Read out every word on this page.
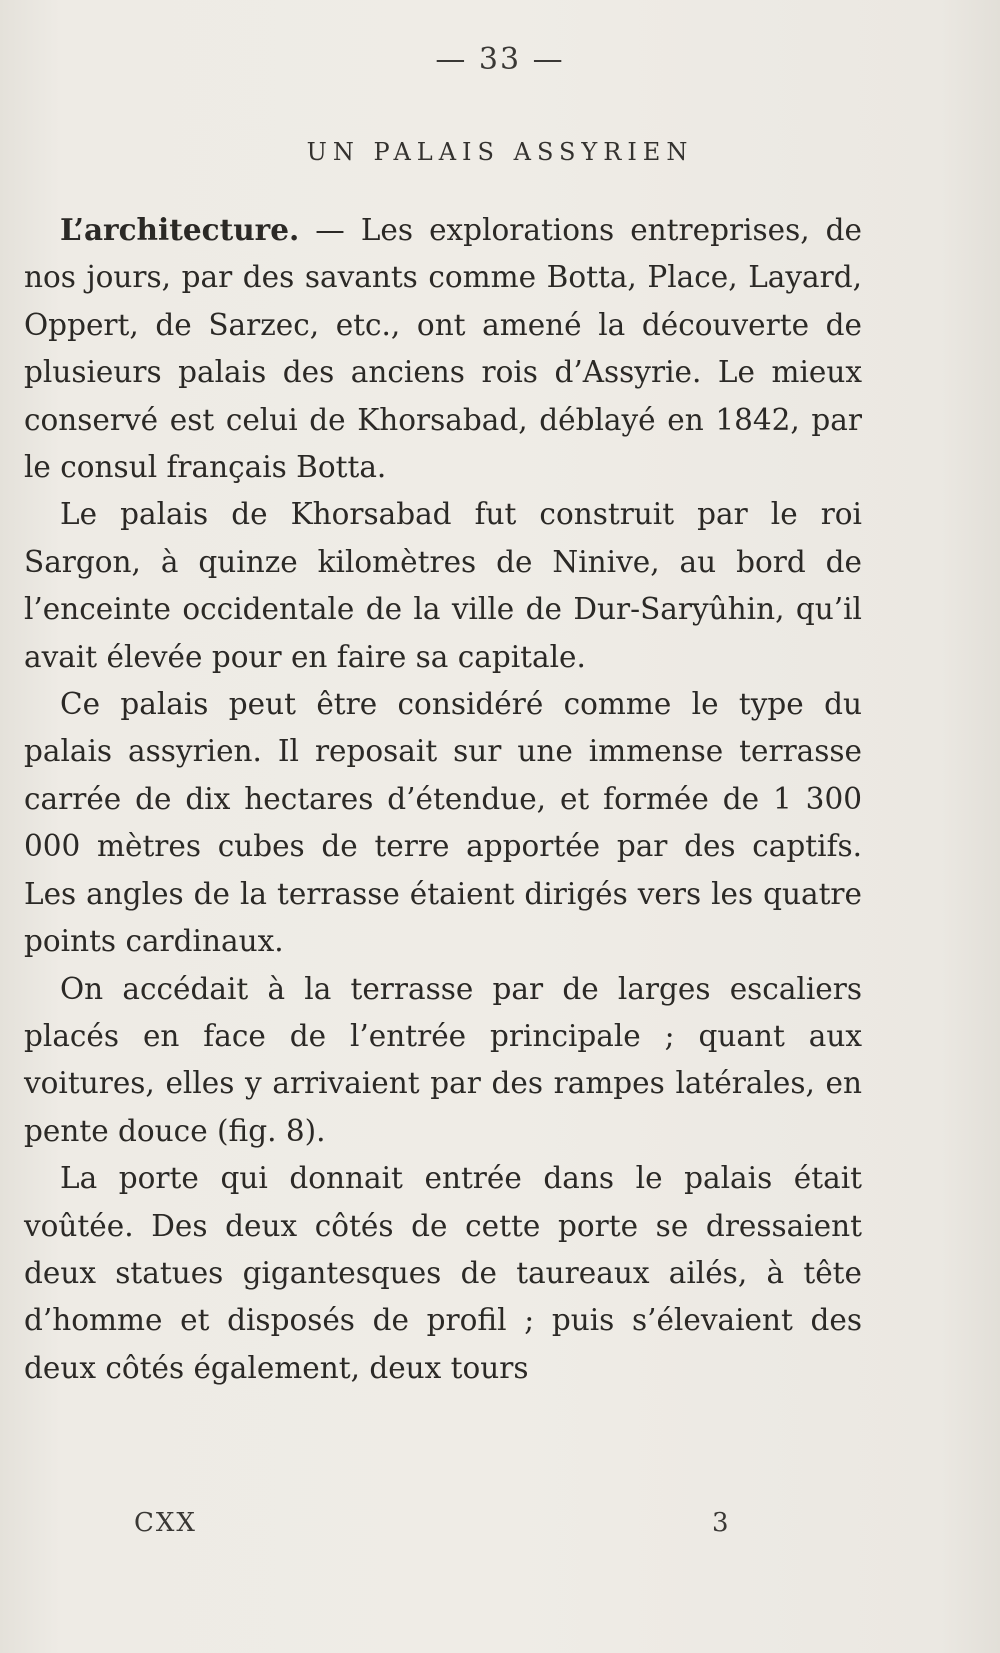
— 33 —
UN PALAIS ASSYRIEN

L’architecture. — Les explorations entreprises, de nos jours, par des savants comme Botta, Place, Layard, Oppert, de Sarzec, etc., ont amené la découverte de plusieurs palais des anciens rois d’Assyrie. Le mieux conservé est celui de Khorsabad, déblayé en 1842, par le consul français Botta.

Le palais de Khorsabad fut construit par le roi Sargon, à quinze kilomètres de Ninive, au bord de l’enceinte occidentale de la ville de Dur-Saryûhin, qu’il avait élevée pour en faire sa capitale.

Ce palais peut être considéré comme le type du palais assyrien. Il reposait sur une immense terrasse carrée de dix hectares d’étendue, et formée de 1 300 000 mètres cubes de terre apportée par des captifs. Les angles de la terrasse étaient dirigés vers les quatre points cardinaux.

On accédait à la terrasse par de larges escaliers placés en face de l’entrée principale ; quant aux voitures, elles y arrivaient par des rampes latérales, en pente douce (fig. 8).

La porte qui donnait entrée dans le palais était voûtée. Des deux côtés de cette porte se dressaient deux statues gigantesques de taureaux ailés, à tête d’homme et disposés de profil ; puis s’élevaient des deux côtés également, deux tours

CXX	3
